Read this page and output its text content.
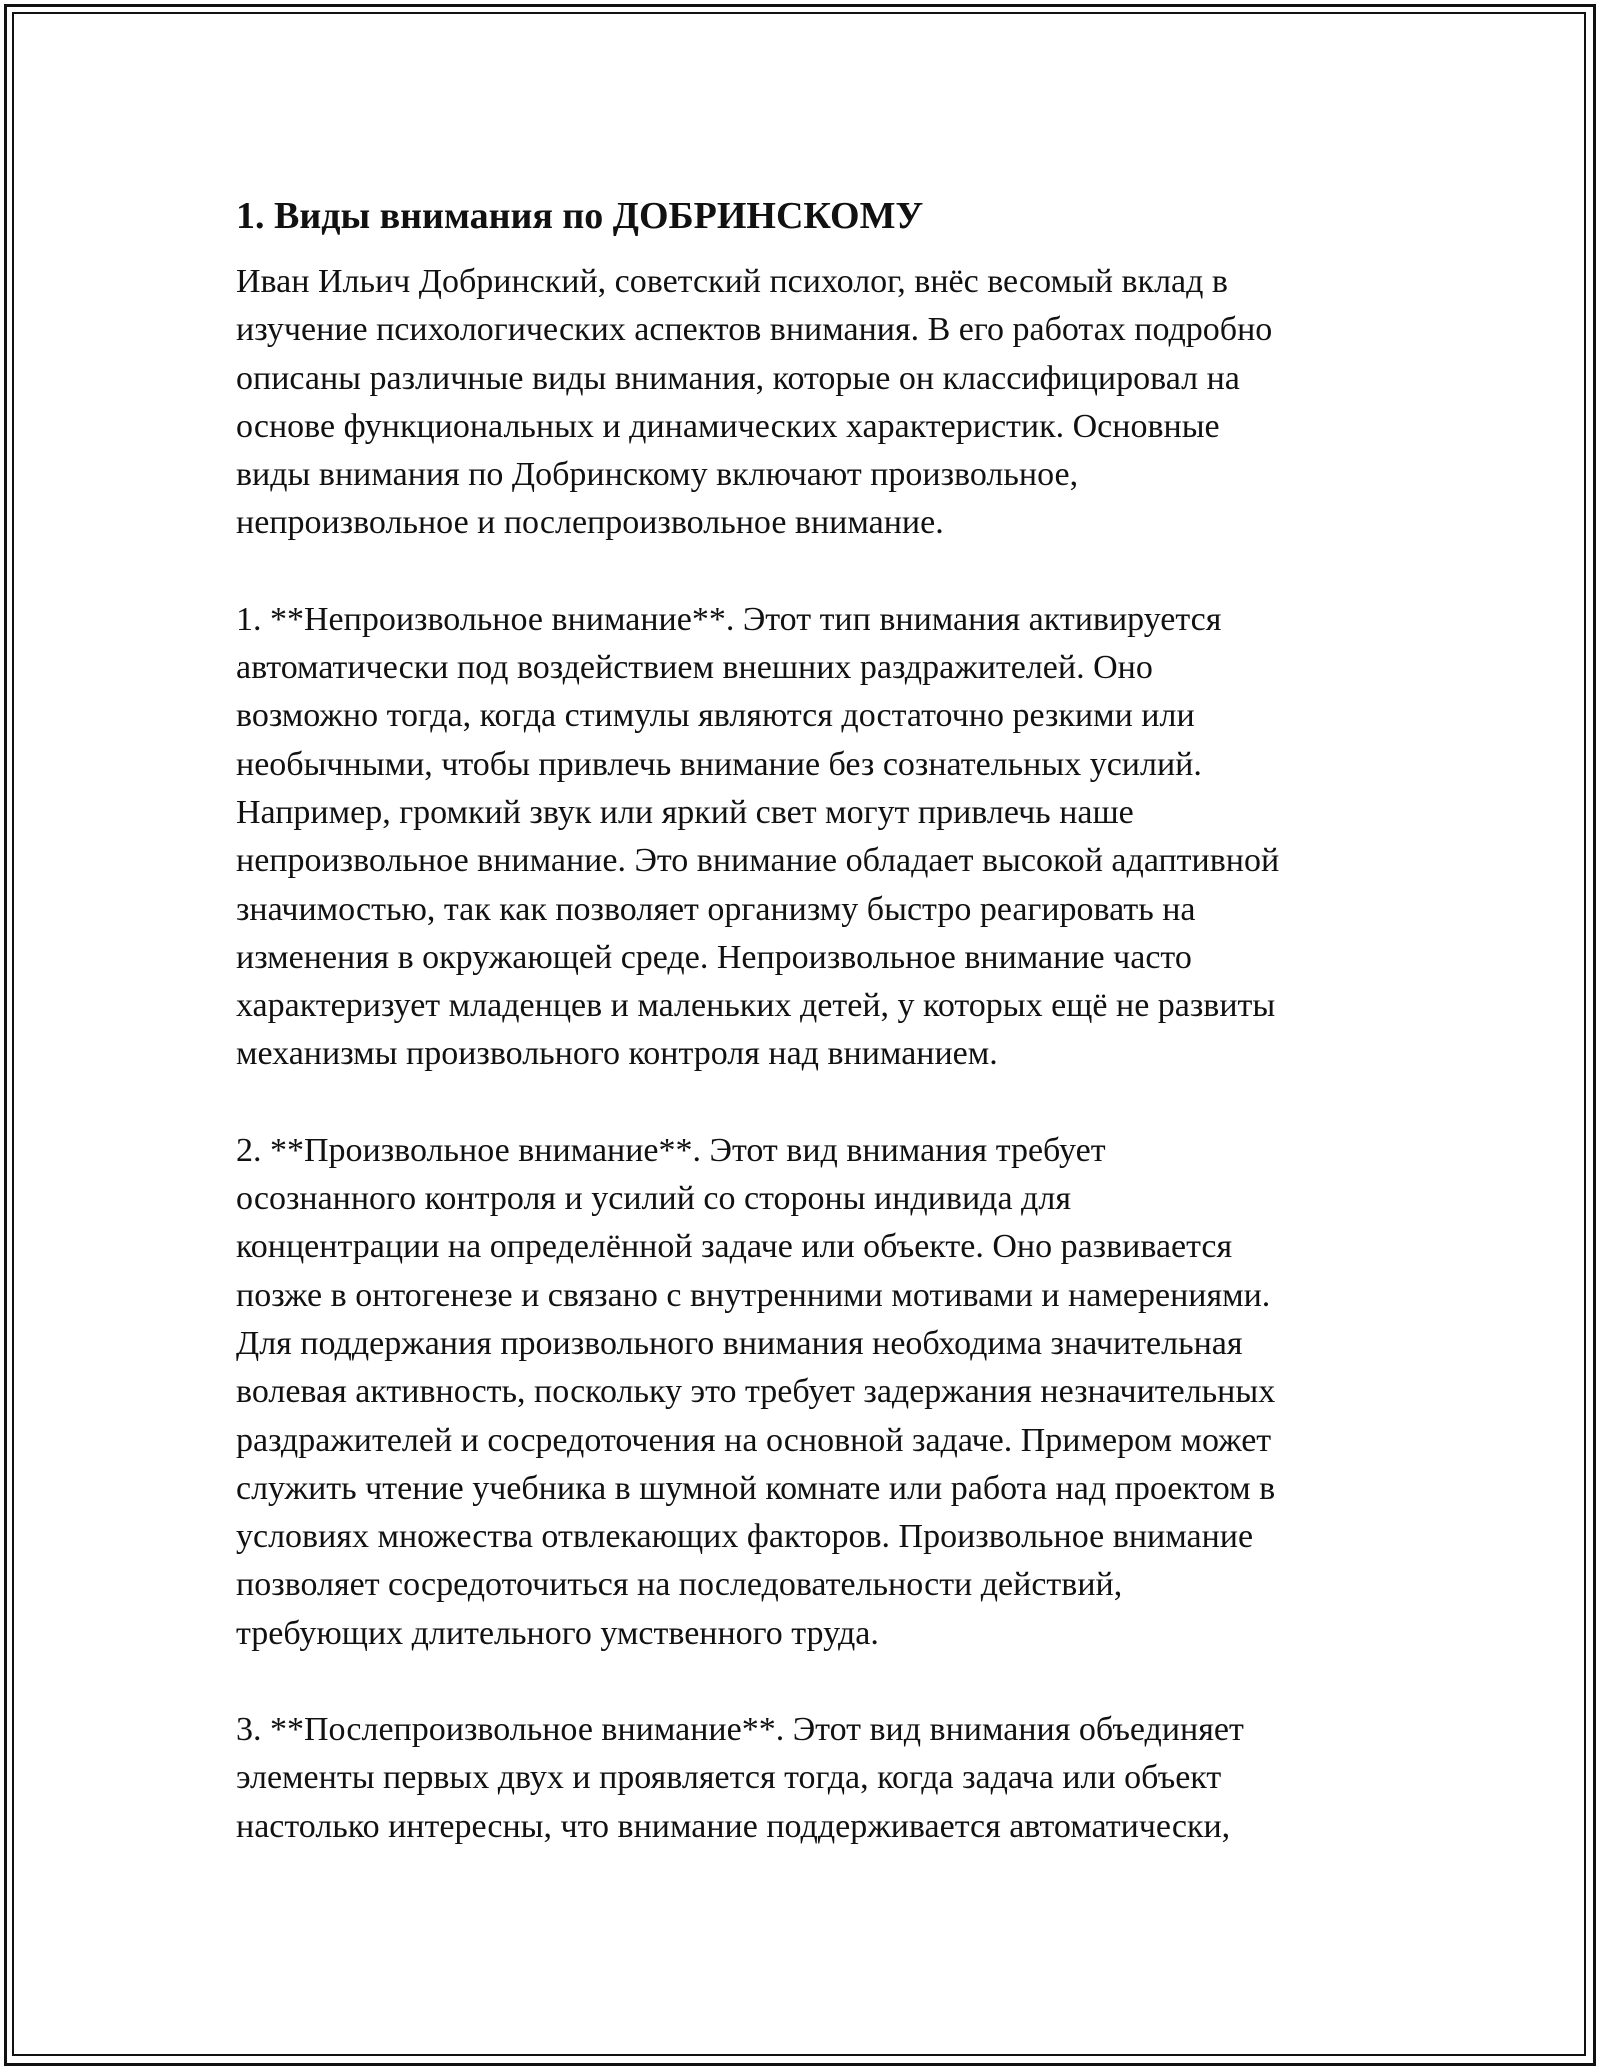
1. Виды внимания по ДОБРИНСКОМУ

Иван Ильич Добринский, советский психолог, внёс весомый вклад в
изучение психологических аспектов внимания. В его работах подробно
описаны различные виды внимания, которые он классифицировал на
основе функциональных и динамических характеристик. Основные
виды внимания по Добринскому включают произвольное,
непроизвольное и послепроизвольное внимание.

1. **Непроизвольное внимание**. Этот тип внимания активируется
автоматически под воздействием внешних раздражителей. Оно
возможно тогда, когда стимулы являются достаточно резкими или
необычными, чтобы привлечь внимание без сознательных усилий.
Например, громкий звук или яркий свет могут привлечь наше
непроизвольное внимание. Это внимание обладает высокой адаптивной
значимостью, так как позволяет организму быстро реагировать на
изменения в окружающей среде. Непроизвольное внимание часто
характеризует младенцев и маленьких детей, у которых ещё не развиты
механизмы произвольного контроля над вниманием.

2. **Произвольное внимание**. Этот вид внимания требует
осознанного контроля и усилий со стороны индивида для
концентрации на определённой задаче или объекте. Оно развивается
позже в онтогенезе и связано с внутренними мотивами и намерениями.
Для поддержания произвольного внимания необходима значительная
волевая активность, поскольку это требует задержания незначительных
раздражителей и сосредоточения на основной задаче. Примером может
служить чтение учебника в шумной комнате или работа над проектом в
условиях множества отвлекающих факторов. Произвольное внимание
позволяет сосредоточиться на последовательности действий,
требующих длительного умственного труда.

3. **Послепроизвольное внимание**. Этот вид внимания объединяет
элементы первых двух и проявляется тогда, когда задача или объект
настолько интересны, что внимание поддерживается автоматически,
